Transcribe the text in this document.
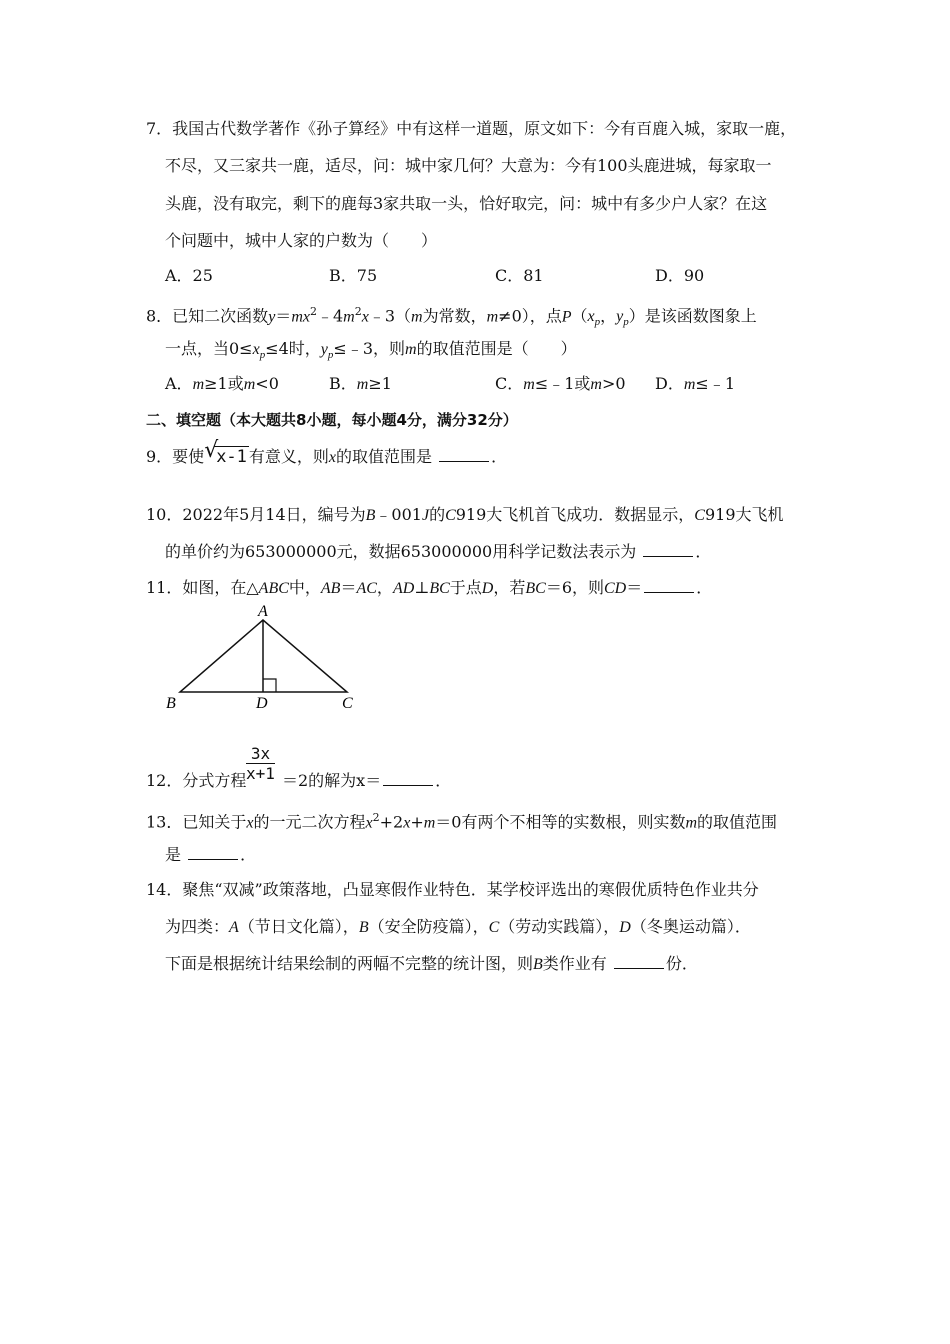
7．我国古代数学著作《孙子算经》中有这样一道题，原文如下：今有百鹿入城，家取一鹿，
不尽，又三家共一鹿，适尽，问：城中家几何？大意为：今有100头鹿进城，每家取一
头鹿，没有取完，剩下的鹿每3家共取一头，恰好取完，问：城中有多少户人家？在这
个问题中，城中人家的户数为（　　）
A．25	B．75	C．81	D．90
8．已知二次函数$y=mx^2﹣4m^2x﹣3(m$为常数，m≠0），点$P(x_p$，$y_p$）是该函数图象上
一点，当$0\le x_p\le 4$时，$y_p\le﹣3$，则m的取值范围是（　　）
A．m≥1或m<0	B．m≥1	C．m≤﹣1或m>0 D．m≤﹣1
二、填空题（本大题共8小题，每小题4分，满分32分）
9．要使 √
x-1 有意义，则x的取值范围是	．
10．2022年5月14日，编号为B﹣001J的C919大飞机首飞成功．数据显示，C919大飞机
的单价约为653000000元，数据653000000用科学记数法表示为	．
11．如图，在△ABC中，AB＝AC，AD⊥BC于点D，若BC＝6，则CD＝	．
A
B	D	C
$\frac{3x}{x+1}$
12．分式方程 ＝2的解为x＝	．
13．已知关于x的一元二次方程$x^2+2x+m=0$有两个不相等的实数根，则实数m的取值范围
是	．
14．聚焦“双减”政策落地，凸显寒假作业特色．某学校评选出的寒假优质特色作业共分
为四类：A（节日文化篇），B（安全防疫篇），C（劳动实践篇），D（冬奥运动篇）．
下面是根据统计结果绘制的两幅不完整的统计图，则B类作业有	份．
